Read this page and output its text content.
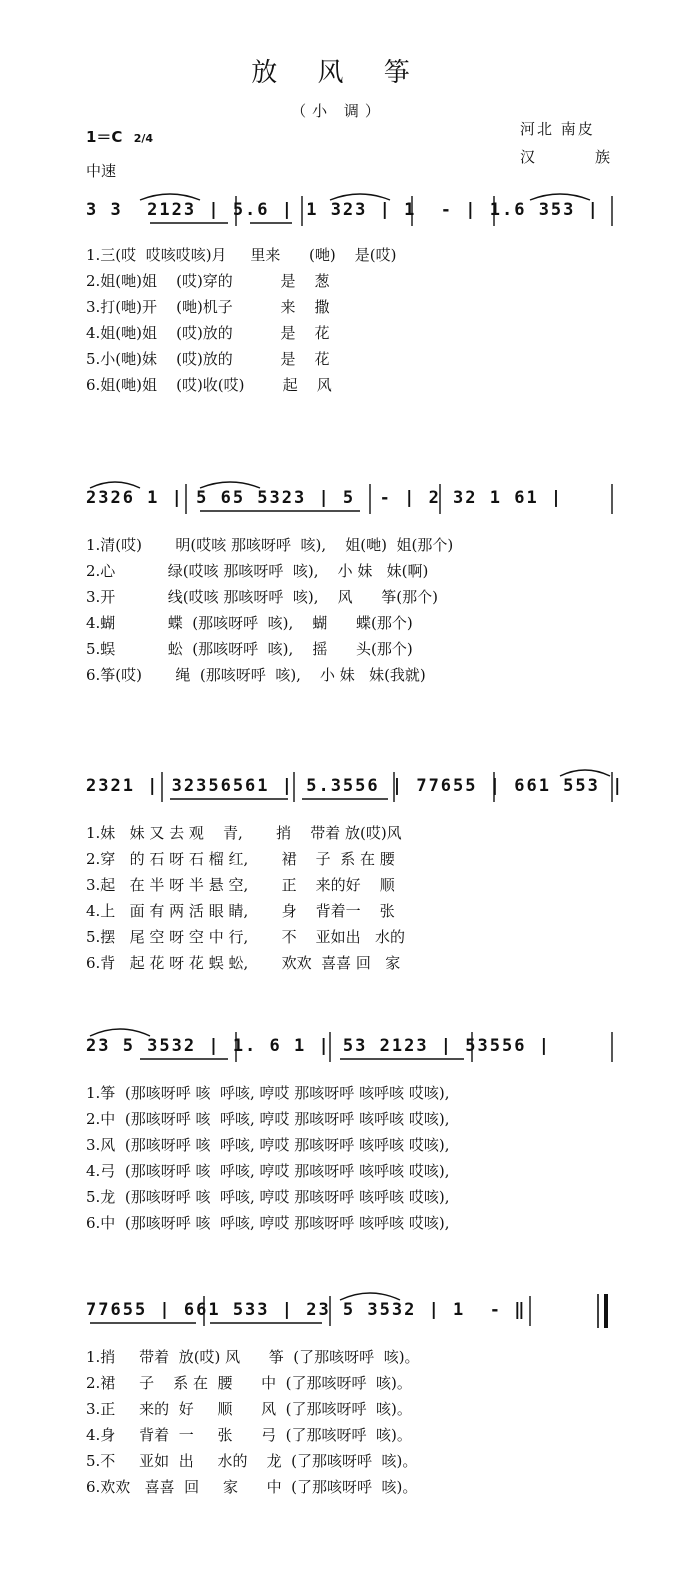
放 风 筝
（小 调）
1＝C 2/4
中速
河北 南皮
汉	族
3 3  2123 | 5.6 | 1 323 | 1  - | 1.6 353 |
1.三(哎  哎咳哎咳)月     里来      (哋)    是(哎)
2.姐(哋)姐    (哎)穿的          是    葱
3.打(哋)开    (哋)机子          来    撒
4.姐(哋)姐    (哎)放的          是    花
5.小(哋)妹    (哎)放的          是    花
6.姐(哋)姐    (哎)收(哎)        起    风
2326 1 | 5 65 5323 | 5  - | 2 32 1 61 |
1.清(哎)       明(哎咳 那咳呀呼  咳),    姐(哋)  姐(那个)
2.心           绿(哎咳 那咳呀呼  咳),    小 妹   妹(啊)
3.开           线(哎咳 那咳呀呼  咳),    风      筝(那个)
4.蝴           蝶  (那咳呀呼  咳),    蝴      蝶(那个)
5.蜈           蚣  (那咳呀呼  咳),    摇      头(那个)
6.筝(哎)       绳  (那咳呀呼  咳),    小 妹   妹(我就)
2321 | 32356561 | 5.3556 | 77655 | 661 553 |
1.妹   妹 又 去 观    青,       捎    带着 放(哎)风
2.穿   的 石 呀 石 榴 红,       裙    子  系 在 腰
3.起   在 半 呀 半 悬 空,       正    来的好    顺
4.上   面 有 两 活 眼 睛,       身    背着一    张
5.摆   尾 空 呀 空 中 行,       不    亚如出   水的
6.背   起 花 呀 花 蜈 蚣,       欢欢  喜喜 回   家
23 5 3532 | 1. 6 1 | 53 2123 | 53556 |
1.筝  (那咳呀呼 咳  呼咳, 哼哎 那咳呀呼 咳呼咳 哎咳),
2.中  (那咳呀呼 咳  呼咳, 哼哎 那咳呀呼 咳呼咳 哎咳),
3.风  (那咳呀呼 咳  呼咳, 哼哎 那咳呀呼 咳呼咳 哎咳),
4.弓  (那咳呀呼 咳  呼咳, 哼哎 那咳呀呼 咳呼咳 哎咳),
5.龙  (那咳呀呼 咳  呼咳, 哼哎 那咳呀呼 咳呼咳 哎咳),
6.中  (那咳呀呼 咳  呼咳, 哼哎 那咳呀呼 咳呼咳 哎咳),
77655 | 661 533 | 23 5 3532 | 1  - ‖
1.捎     带着  放(哎) 风      筝  (了那咳呀呼  咳)。
2.裙     子    系 在  腰      中  (了那咳呀呼  咳)。
3.正     来的  好     顺      风  (了那咳呀呼  咳)。
4.身     背着  一     张      弓  (了那咳呀呼  咳)。
5.不     亚如  出     水的    龙  (了那咳呀呼  咳)。
6.欢欢   喜喜  回     家      中  (了那咳呀呼  咳)。
